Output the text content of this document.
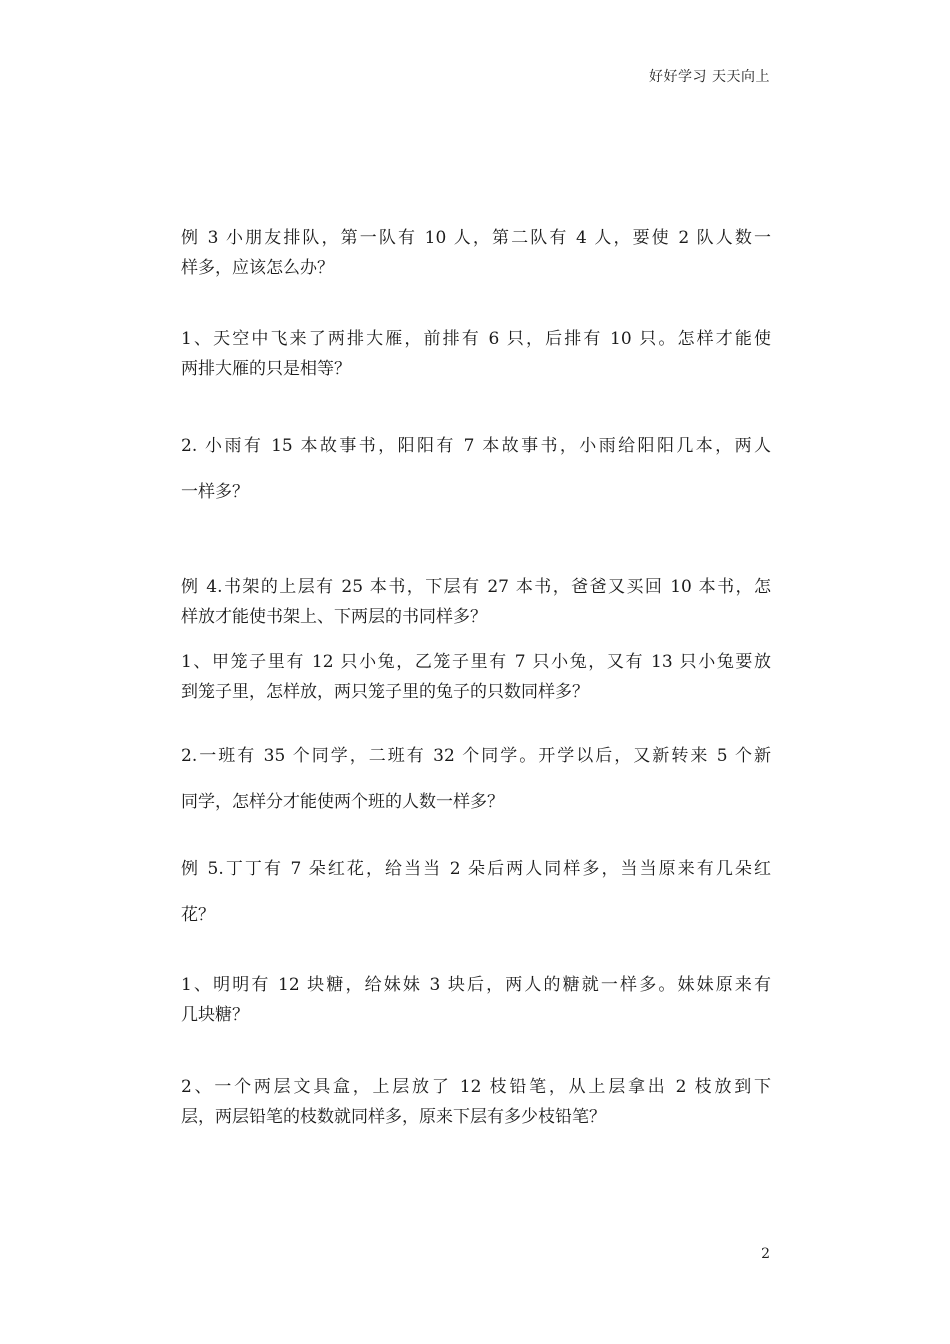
好好学习 天天向上
例 3 小朋友排队，第一队有 10 人，第二队有 4 人，要使 2 队人数一
样多，应该怎么办？
1、天空中飞来了两排大雁，前排有 6 只，后排有 10 只。怎样才能使
两排大雁的只是相等？
2. 小雨有 15 本故事书，阳阳有 7 本故事书，小雨给阳阳几本，两人
一样多？
例 4.书架的上层有 25 本书，下层有 27 本书，爸爸又买回 10 本书，怎
样放才能使书架上、下两层的书同样多？
1、甲笼子里有 12 只小兔，乙笼子里有 7 只小兔，又有 13 只小兔要放
到笼子里，怎样放，两只笼子里的兔子的只数同样多？
2.一班有 35 个同学，二班有 32 个同学。开学以后，又新转来 5 个新
同学，怎样分才能使两个班的人数一样多？
例 5.丁丁有 7 朵红花，给当当 2 朵后两人同样多，当当原来有几朵红
花？
1、明明有 12 块糖，给妹妹 3 块后，两人的糖就一样多。妹妹原来有
几块糖？
2、一个两层文具盒，上层放了 12 枝铅笔，从上层拿出 2 枝放到下
层，两层铅笔的枝数就同样多，原来下层有多少枝铅笔？
2
